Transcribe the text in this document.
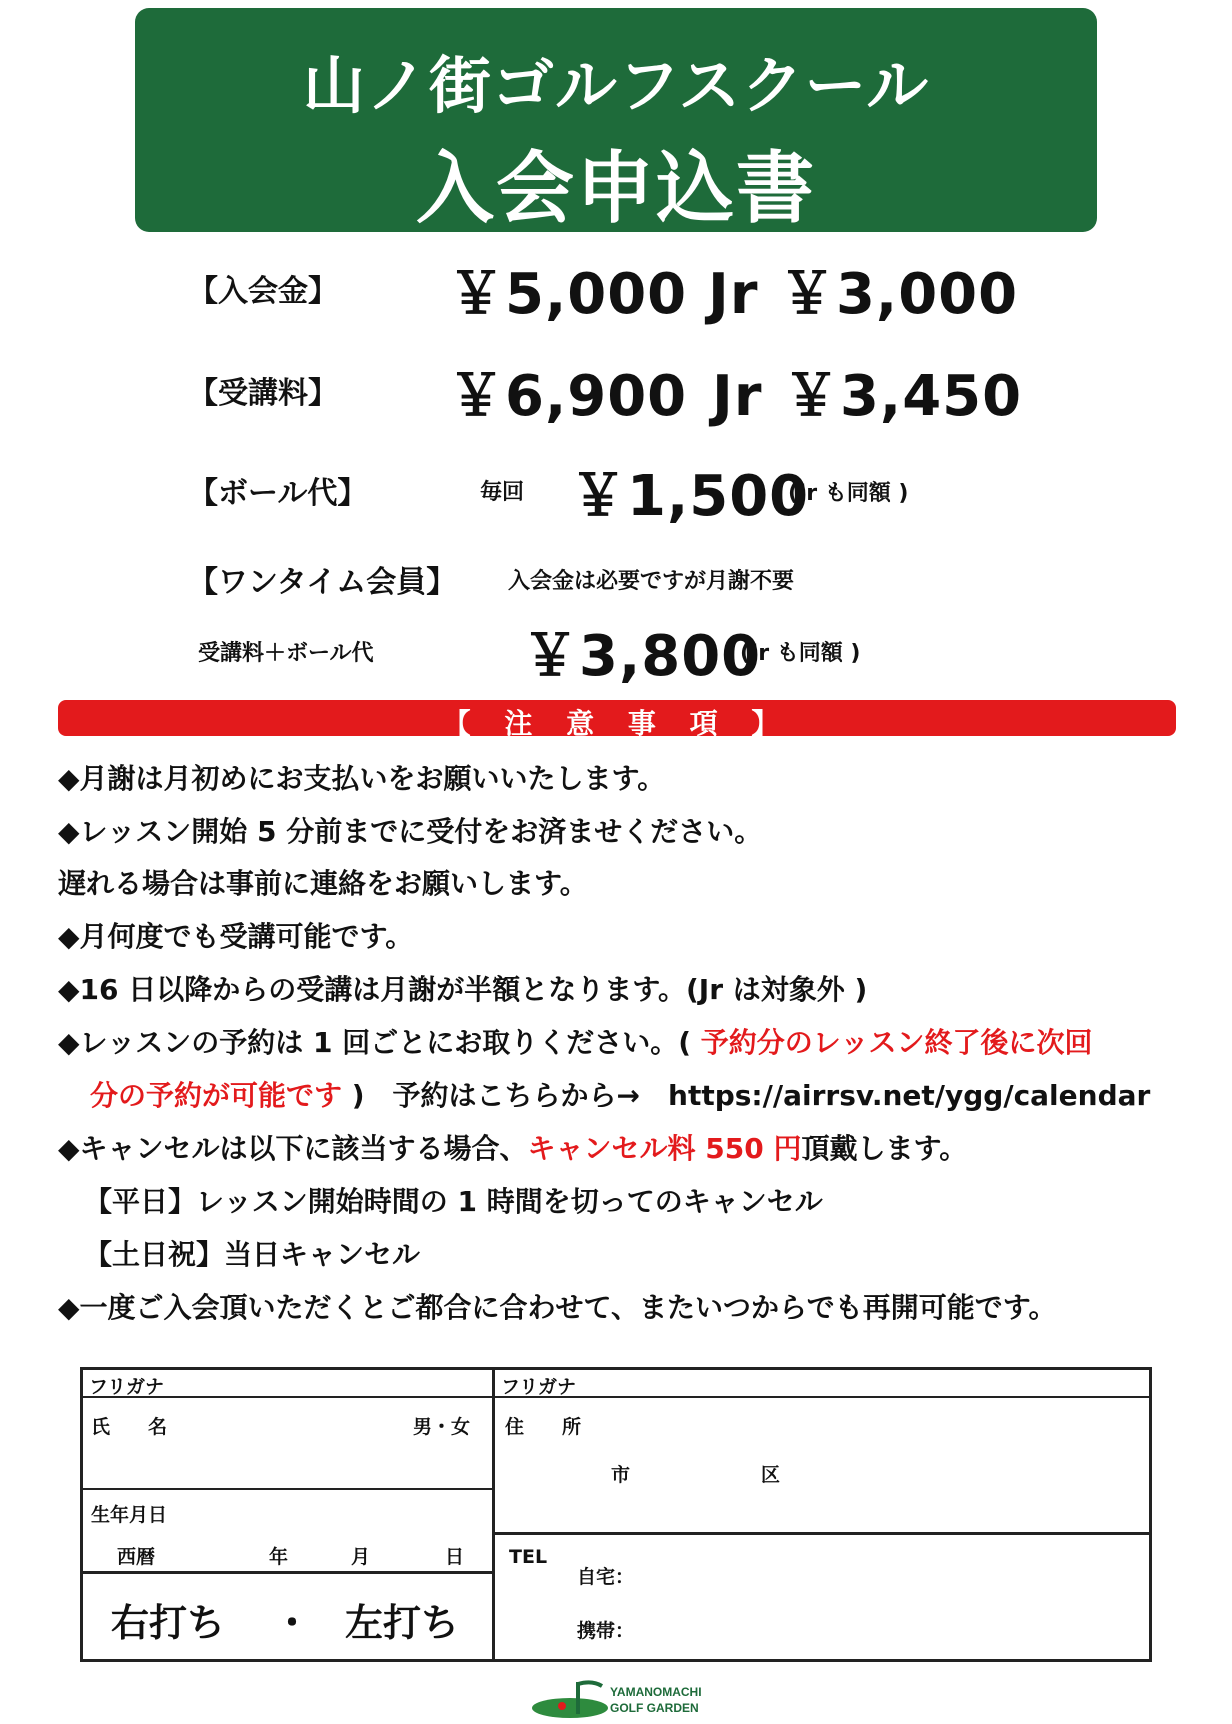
山ノ街ゴルフスクール
入会申込書
【入会金】 ￥5,000 Jr ￥3,000
【受講料】 ￥6,900 Jr ￥3,450
【ボール代】	毎回 ￥1,500
(Jr も同額 )
【ワンタイム会員】 入会金は必要ですが月謝不要
受講料＋ボール代	￥3,800
(Jr も同額 )
【 注 意 事 項 】
◆月謝は月初めにお支払いをお願いいたします。
◆レッスン開始 5 分前までに受付をお済ませください。
遅れる場合は事前に連絡をお願いします。
◆月何度でも受講可能です。
◆16 日以降からの受講は月謝が半額となります。(Jr は対象外 )
◆レッスンの予約は 1 回ごとにお取りください。( 予約分のレッスン終了後に次回
分の予約が可能です )　予約はこちらから→　https://airrsv.net/ygg/calendar
◆キャンセルは以下に該当する場合、キャンセル料 550 円頂戴します。
【平日】レッスン開始時間の 1 時間を切ってのキャンセル
【土日祝】当日キャンセル
◆一度ご入会頂いただくとご都合に合わせて、またいつからでも再開可能です。
フリガナ	フリガナ
氏　　名	男・女
生年月日
西暦	年	月	日
右打ち ・ 左打ち
住　　所
市	区
TEL
自宅：
携帯：
YAMANOMACHI
GOLF GARDEN
